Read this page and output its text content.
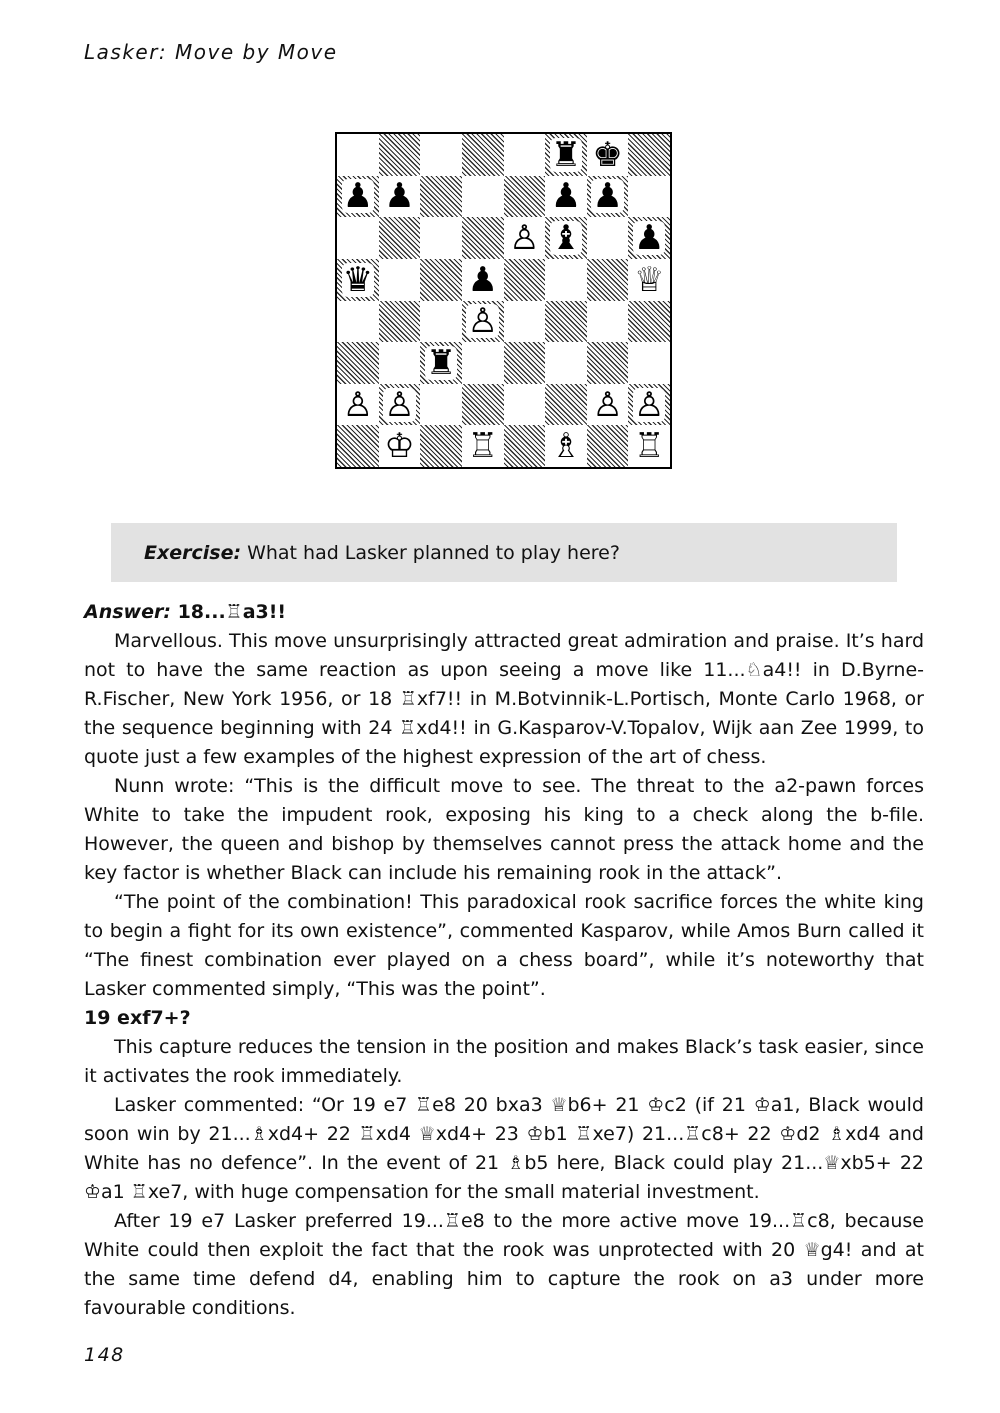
Lasker: Move by Move
♜ ♚
♟ ♟	♟ ♟
♙ ♝ ♟
♛	♟	♕
♙
♜
♙ ♙	♙ ♙
♔ ♖ ♗ ♖
Exercise: What had Lasker planned to play here?

Answer: 18...♖a3!!

Marvellous. This move unsurprisingly attracted great admiration and praise. It’s hard not to have the same reaction as upon seeing a move like 11...♘a4!! in D.Byrne-R.Fischer, New York 1956, or 18 ♖xf7!! in M.Botvinnik-L.Portisch, Monte Carlo 1968, or the sequence beginning with 24 ♖xd4!! in G.Kasparov-V.Topalov, Wijk aan Zee 1999, to quote just a few examples of the highest expression of the art of chess.

Nunn wrote: “This is the difficult move to see. The threat to the a2-pawn forces White to take the impudent rook, exposing his king to a check along the b-file. However, the queen and bishop by themselves cannot press the attack home and the key factor is whether Black can include his remaining rook in the attack”.

“The point of the combination! This paradoxical rook sacrifice forces the white king to begin a fight for its own existence”, commented Kasparov, while Amos Burn called it “The finest combination ever played on a chess board”, while it’s noteworthy that Lasker commented simply, “This was the point”.

19 exf7+?

This capture reduces the tension in the position and makes Black’s task easier, since it activates the rook immediately.

Lasker commented: “Or 19 e7 ♖e8 20 bxa3 ♕b6+ 21 ♔c2 (if 21 ♔a1, Black would soon win by 21...♗xd4+ 22 ♖xd4 ♕xd4+ 23 ♔b1 ♖xe7) 21...♖c8+ 22 ♔d2 ♗xd4 and White has no defence”. In the event of 21 ♗b5 here, Black could play 21...♕xb5+ 22 ♔a1 ♖xe7, with huge compensation for the small material investment.

After 19 e7 Lasker preferred 19...♖e8 to the more active move 19...♖c8, because White could then exploit the fact that the rook was unprotected with 20 ♕g4! and at the same time defend d4, enabling him to capture the rook on a3 under more favourable conditions.

148
